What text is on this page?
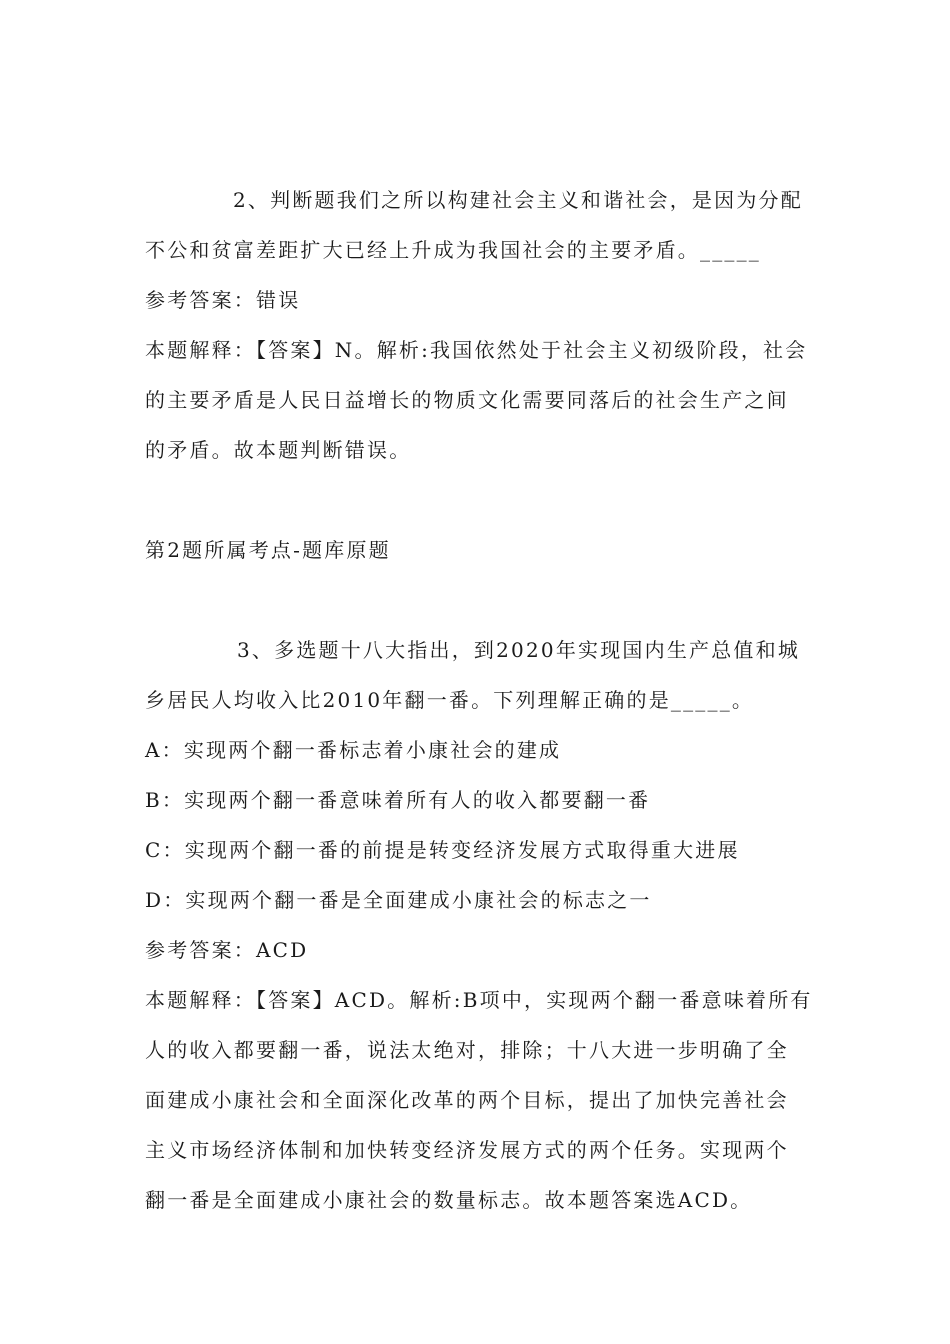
2、判断题我们之所以构建社会主义和谐社会，是因为分配
不公和贫富差距扩大已经上升成为我国社会的主要矛盾。_____
参考答案：错误
本题解释：【答案】N。解析:我国依然处于社会主义初级阶段，社会
的主要矛盾是人民日益增长的物质文化需要同落后的社会生产之间
的矛盾。故本题判断错误。
第2题所属考点-题库原题
3、多选题十八大指出，到2020年实现国内生产总值和城
乡居民人均收入比2010年翻一番。下列理解正确的是_____。
A：实现两个翻一番标志着小康社会的建成
B：实现两个翻一番意味着所有人的收入都要翻一番
C：实现两个翻一番的前提是转变经济发展方式取得重大进展
D：实现两个翻一番是全面建成小康社会的标志之一
参考答案：ACD
本题解释：【答案】ACD。解析:B项中，实现两个翻一番意味着所有
人的收入都要翻一番，说法太绝对，排除；十八大进一步明确了全
面建成小康社会和全面深化改革的两个目标，提出了加快完善社会
主义市场经济体制和加快转变经济发展方式的两个任务。实现两个
翻一番是全面建成小康社会的数量标志。故本题答案选ACD。
